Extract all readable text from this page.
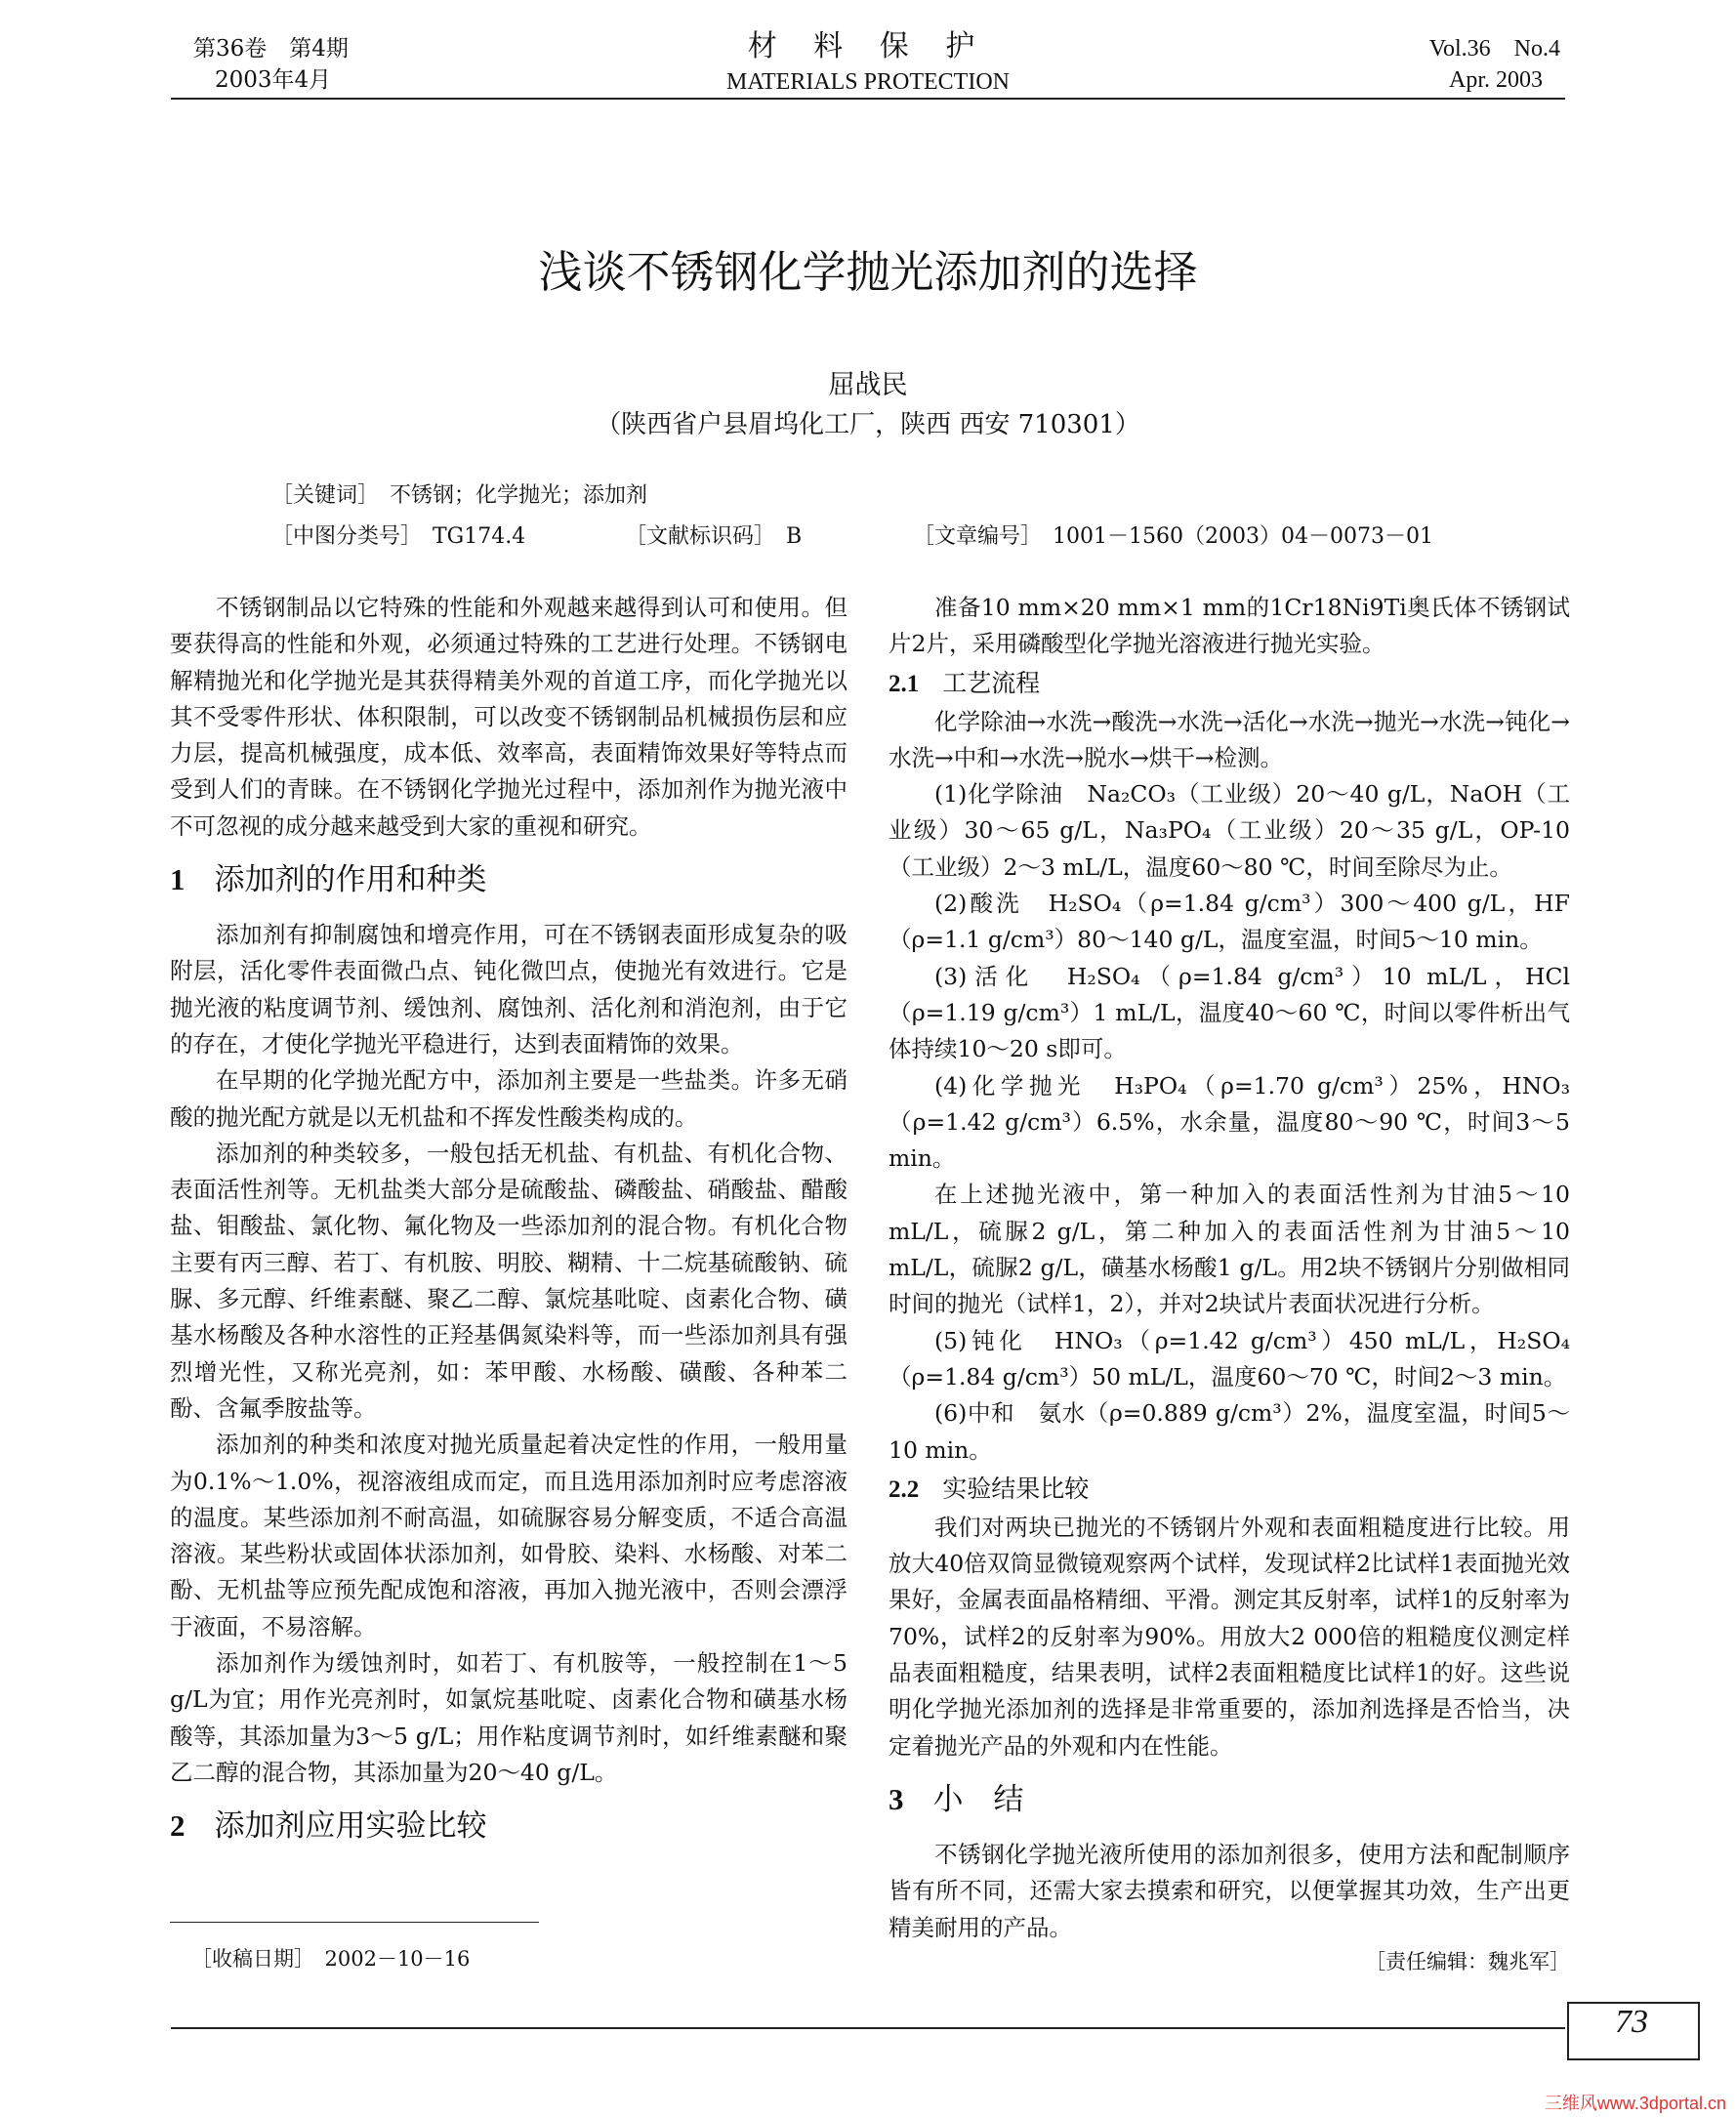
第36卷　第4期
2003年4月
材 料 保 护
MATERIALS PROTECTION
Vol.36　No.4
Apr. 2003
浅谈不锈钢化学抛光添加剂的选择
屈战民
（陕西省户县眉坞化工厂，陕西 西安 710301）
［关键词］　不锈钢；化学抛光；添加剂
［中图分类号］　TG174.4	［文献标识码］　B	［文章编号］　1001－1560（2003）04－0073－01

不锈钢制品以它特殊的性能和外观越来越得到认可和使用。但要获得高的性能和外观，必须通过特殊的工艺进行处理。不锈钢电解精抛光和化学抛光是其获得精美外观的首道工序，而化学抛光以其不受零件形状、体积限制，可以改变不锈钢制品机械损伤层和应力层，提高机械强度，成本低、效率高，表面精饰效果好等特点而受到人们的青睐。在不锈钢化学抛光过程中，添加剂作为抛光液中不可忽视的成分越来越受到大家的重视和研究。

1 添加剂的作用和种类

添加剂有抑制腐蚀和增亮作用，可在不锈钢表面形成复杂的吸附层，活化零件表面微凸点、钝化微凹点，使抛光有效进行。它是抛光液的粘度调节剂、缓蚀剂、腐蚀剂、活化剂和消泡剂，由于它的存在，才使化学抛光平稳进行，达到表面精饰的效果。

在早期的化学抛光配方中，添加剂主要是一些盐类。许多无硝酸的抛光配方就是以无机盐和不挥发性酸类构成的。

添加剂的种类较多，一般包括无机盐、有机盐、有机化合物、表面活性剂等。无机盐类大部分是硫酸盐、磷酸盐、硝酸盐、醋酸盐、钼酸盐、氯化物、氟化物及一些添加剂的混合物。有机化合物主要有丙三醇、若丁、有机胺、明胶、糊精、十二烷基硫酸钠、硫脲、多元醇、纤维素醚、聚乙二醇、氯烷基吡啶、卤素化合物、磺基水杨酸及各种水溶性的正羟基偶氮染料等，而一些添加剂具有强烈增光性，又称光亮剂，如：苯甲酸、水杨酸、磺酸、各种苯二酚、含氟季胺盐等。

添加剂的种类和浓度对抛光质量起着决定性的作用，一般用量为0.1%～1.0%，视溶液组成而定，而且选用添加剂时应考虑溶液的温度。某些添加剂不耐高温，如硫脲容易分解变质，不适合高温溶液。某些粉状或固体状添加剂，如骨胶、染料、水杨酸、对苯二酚、无机盐等应预先配成饱和溶液，再加入抛光液中，否则会漂浮于液面，不易溶解。

添加剂作为缓蚀剂时，如若丁、有机胺等，一般控制在1～5 g/L为宜；用作光亮剂时，如氯烷基吡啶、卤素化合物和磺基水杨酸等，其添加量为3～5 g/L；用作粘度调节剂时，如纤维素醚和聚乙二醇的混合物，其添加量为20～40 g/L。

2 添加剂应用实验比较
［收稿日期］　2002－10－16

准备10 mm×20 mm×1 mm的1Cr18Ni9Ti奥氏体不锈钢试片2片，采用磷酸型化学抛光溶液进行抛光实验。

2.1 工艺流程

化学除油→水洗→酸洗→水洗→活化→水洗→抛光→水洗→钝化→水洗→中和→水洗→脱水→烘干→检测。

(1)化学除油　Na₂CO₃（工业级）20～40 g/L，NaOH（工业级）30～65 g/L，Na₃PO₄（工业级）20～35 g/L，OP-10（工业级）2～3 mL/L，温度60～80 ℃，时间至除尽为止。

(2)酸洗　H₂SO₄（ρ=1.84 g/cm³）300～400 g/L，HF（ρ=1.1 g/cm³）80～140 g/L，温度室温，时间5～10 min。

(3)活化　H₂SO₄（ρ=1.84 g/cm³）10 mL/L，HCl（ρ=1.19 g/cm³）1 mL/L，温度40～60 ℃，时间以零件析出气体持续10～20 s即可。

(4)化学抛光　H₃PO₄（ρ=1.70 g/cm³）25%，HNO₃（ρ=1.42 g/cm³）6.5%，水余量，温度80～90 ℃，时间3～5 min。

在上述抛光液中，第一种加入的表面活性剂为甘油5～10 mL/L，硫脲2 g/L，第二种加入的表面活性剂为甘油5～10 mL/L，硫脲2 g/L，磺基水杨酸1 g/L。用2块不锈钢片分别做相同时间的抛光（试样1，2），并对2块试片表面状况进行分析。

(5)钝化　HNO₃（ρ=1.42 g/cm³）450 mL/L，H₂SO₄（ρ=1.84 g/cm³）50 mL/L，温度60～70 ℃，时间2～3 min。

(6)中和　氨水（ρ=0.889 g/cm³）2%，温度室温，时间5～10 min。

2.2 实验结果比较

我们对两块已抛光的不锈钢片外观和表面粗糙度进行比较。用放大40倍双筒显微镜观察两个试样，发现试样2比试样1表面抛光效果好，金属表面晶格精细、平滑。测定其反射率，试样1的反射率为70%，试样2的反射率为90%。用放大2 000倍的粗糙度仪测定样品表面粗糙度，结果表明，试样2表面粗糙度比试样1的好。这些说明化学抛光添加剂的选择是非常重要的，添加剂选择是否恰当，决定着抛光产品的外观和内在性能。

3 小　结

不锈钢化学抛光液所使用的添加剂很多，使用方法和配制顺序皆有所不同，还需大家去摸索和研究，以便掌握其功效，生产出更精美耐用的产品。

［责任编辑：魏兆军］
73
三维风www.3dportal.cn
